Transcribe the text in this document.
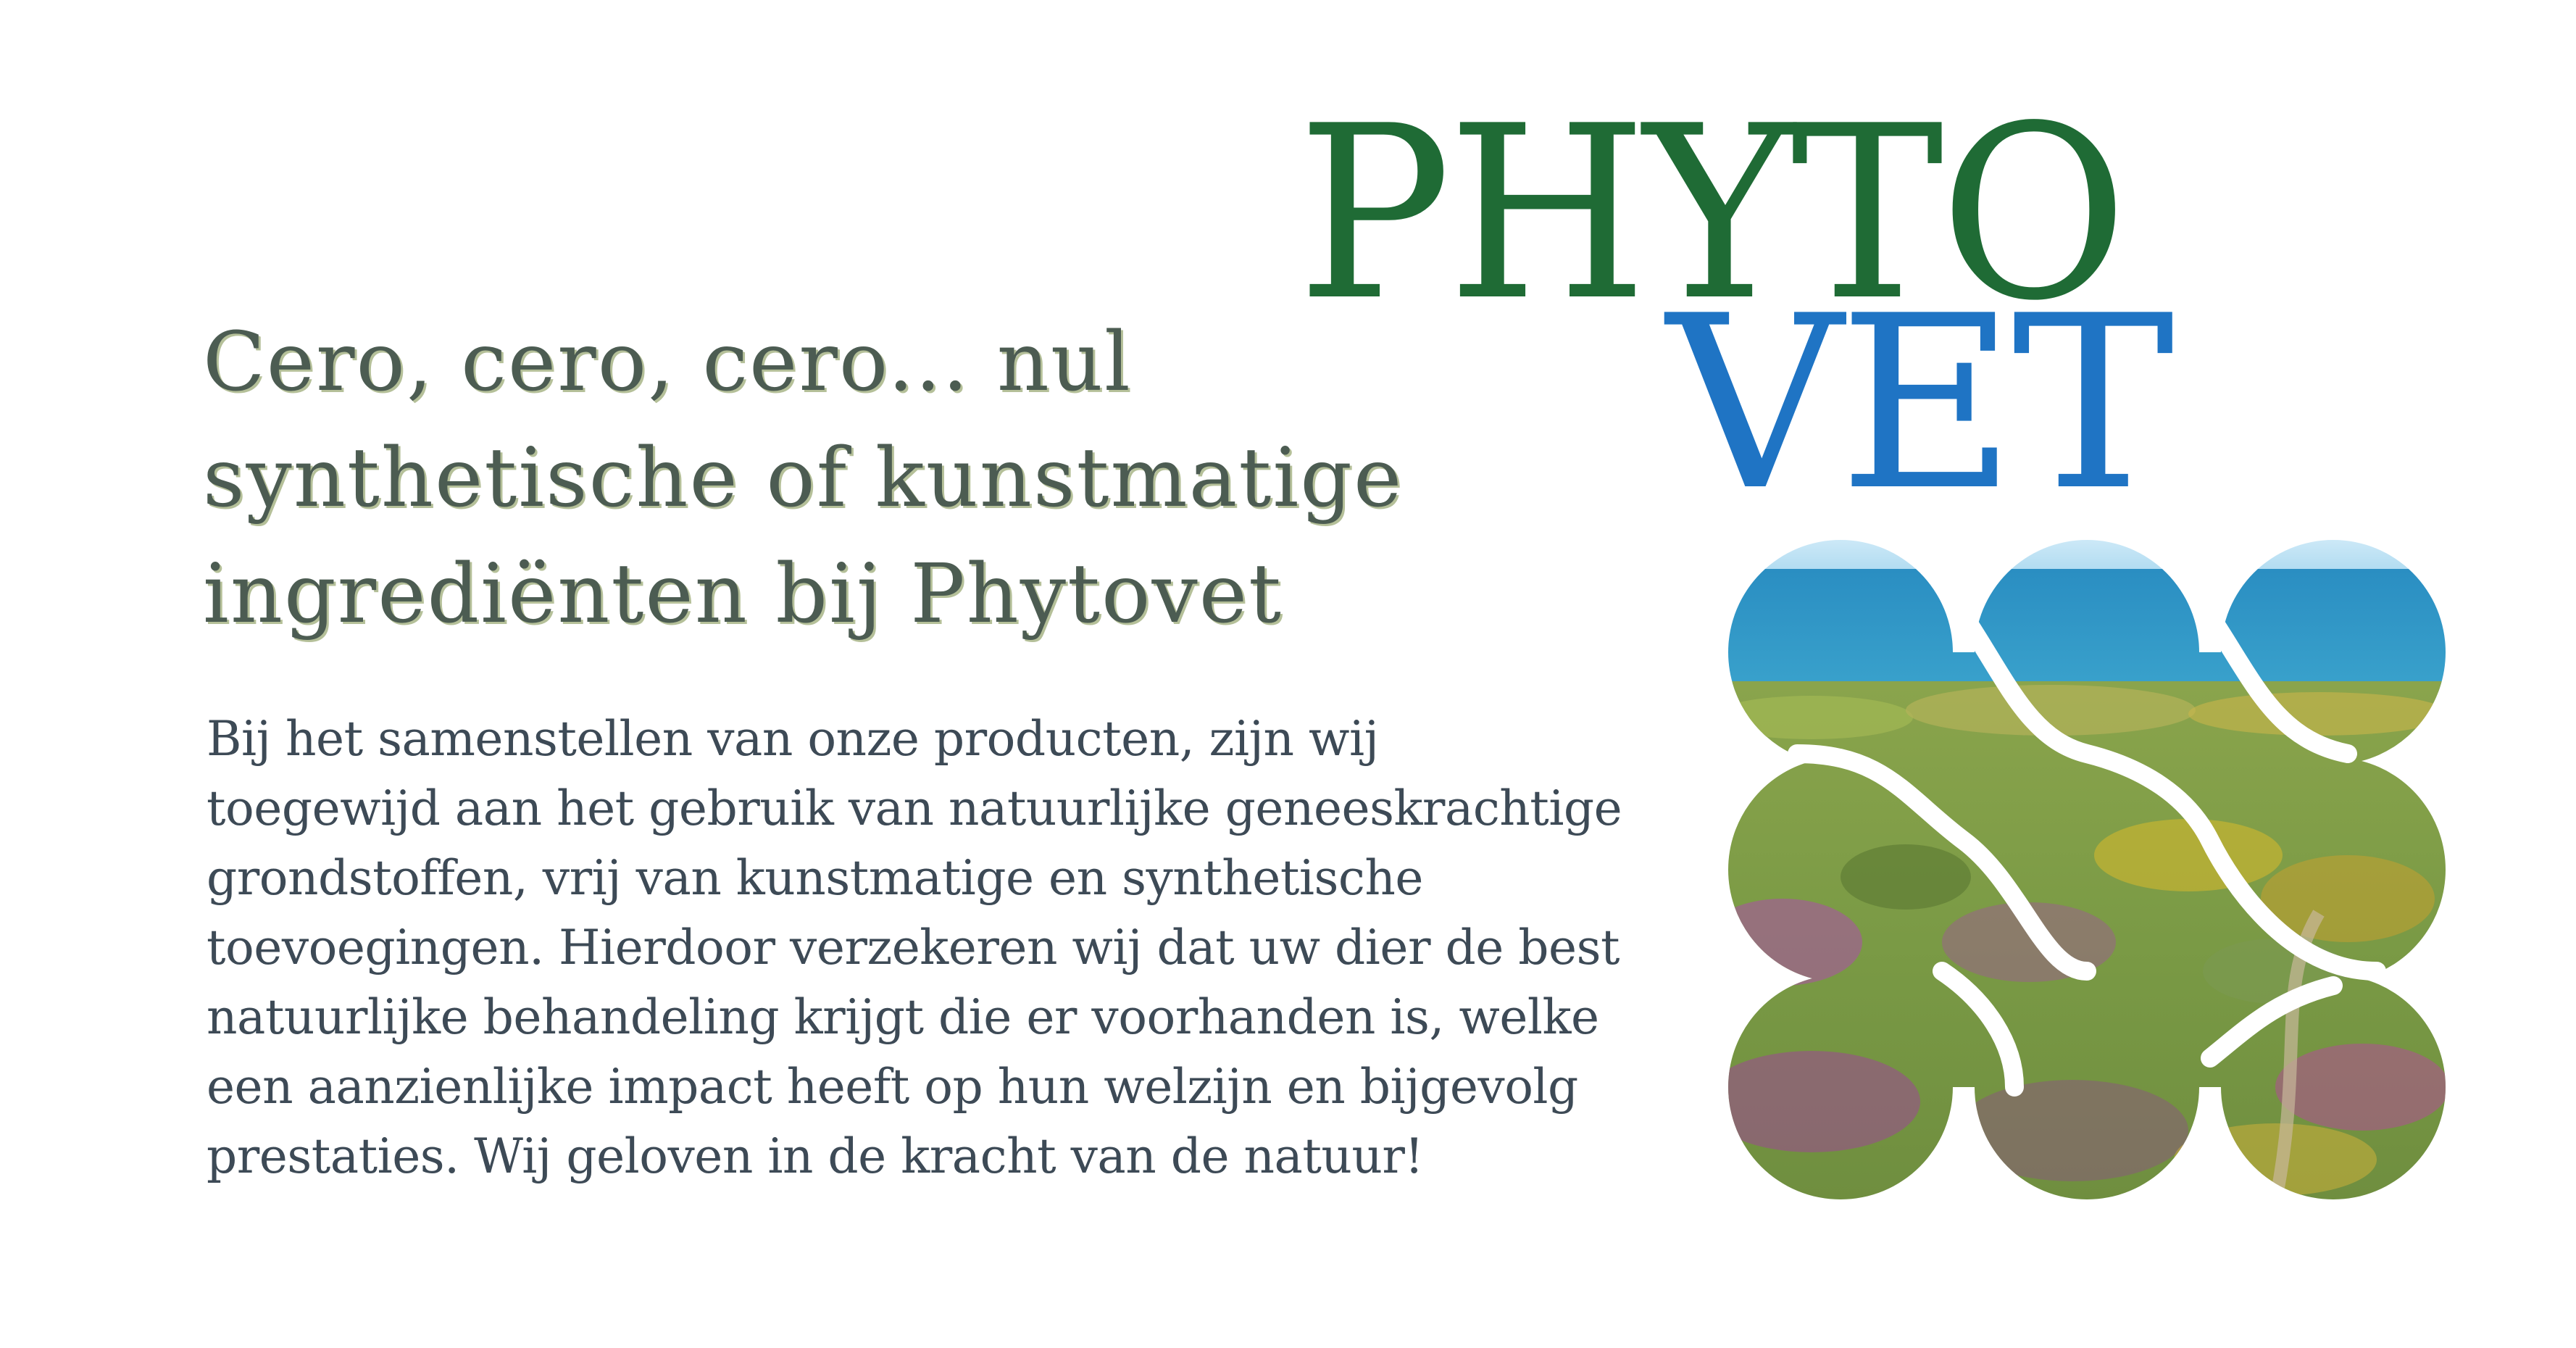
PHYTO
VET
Cero, cero, cero... nul synthetische of kunstmatige ingrediënten bij Phytovet
Bij het samenstellen van onze producten, zijn wij
toegewijd aan het gebruik van natuurlijke geneeskrachtige
grondstoffen, vrij van kunstmatige en synthetische
toevoegingen. Hierdoor verzekeren wij dat uw dier de best
natuurlijke behandeling krijgt die er voorhanden is, welke
een aanzienlijke impact heeft op hun welzijn en bijgevolg
prestaties. Wij geloven in de kracht van de natuur!
